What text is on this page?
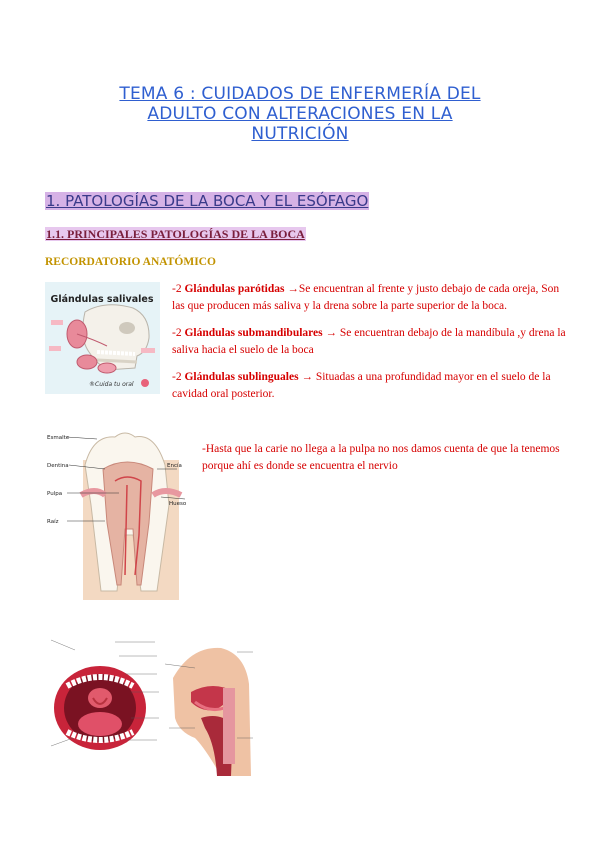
TEMA 6 : CUIDADOS DE ENFERMERÍA DEL
ADULTO CON ALTERACIONES EN LA
NUTRICIÓN
1. PATOLOGÍAS DE LA BOCA Y EL ESÓFAGO
1.1. PRINCIPALES PATOLOGÍAS DE LA BOCA
RECORDATORIO ANATÓMICO
Glándulas salivales
®Cuida tu oral

-2 Glándulas parótidas →Se encuentran al frente y justo debajo de cada oreja, Son las que producen más saliva y la drena sobre la parte superior de la boca.

-2 Glándulas submandibulares → Se encuentran debajo de la mandíbula ,y drena la saliva hacia el suelo de la boca

-2 Glándulas sublinguales → Situadas a una profundidad mayor en el suelo de la cavidad oral posterior.

Esmalte
Dentina
Pulpa
Raíz
Encía
Hueso
-Hasta que la carie no llega a la pulpa no nos damos cuenta de que la tenemos porque ahí es donde se encuentra el nervio
